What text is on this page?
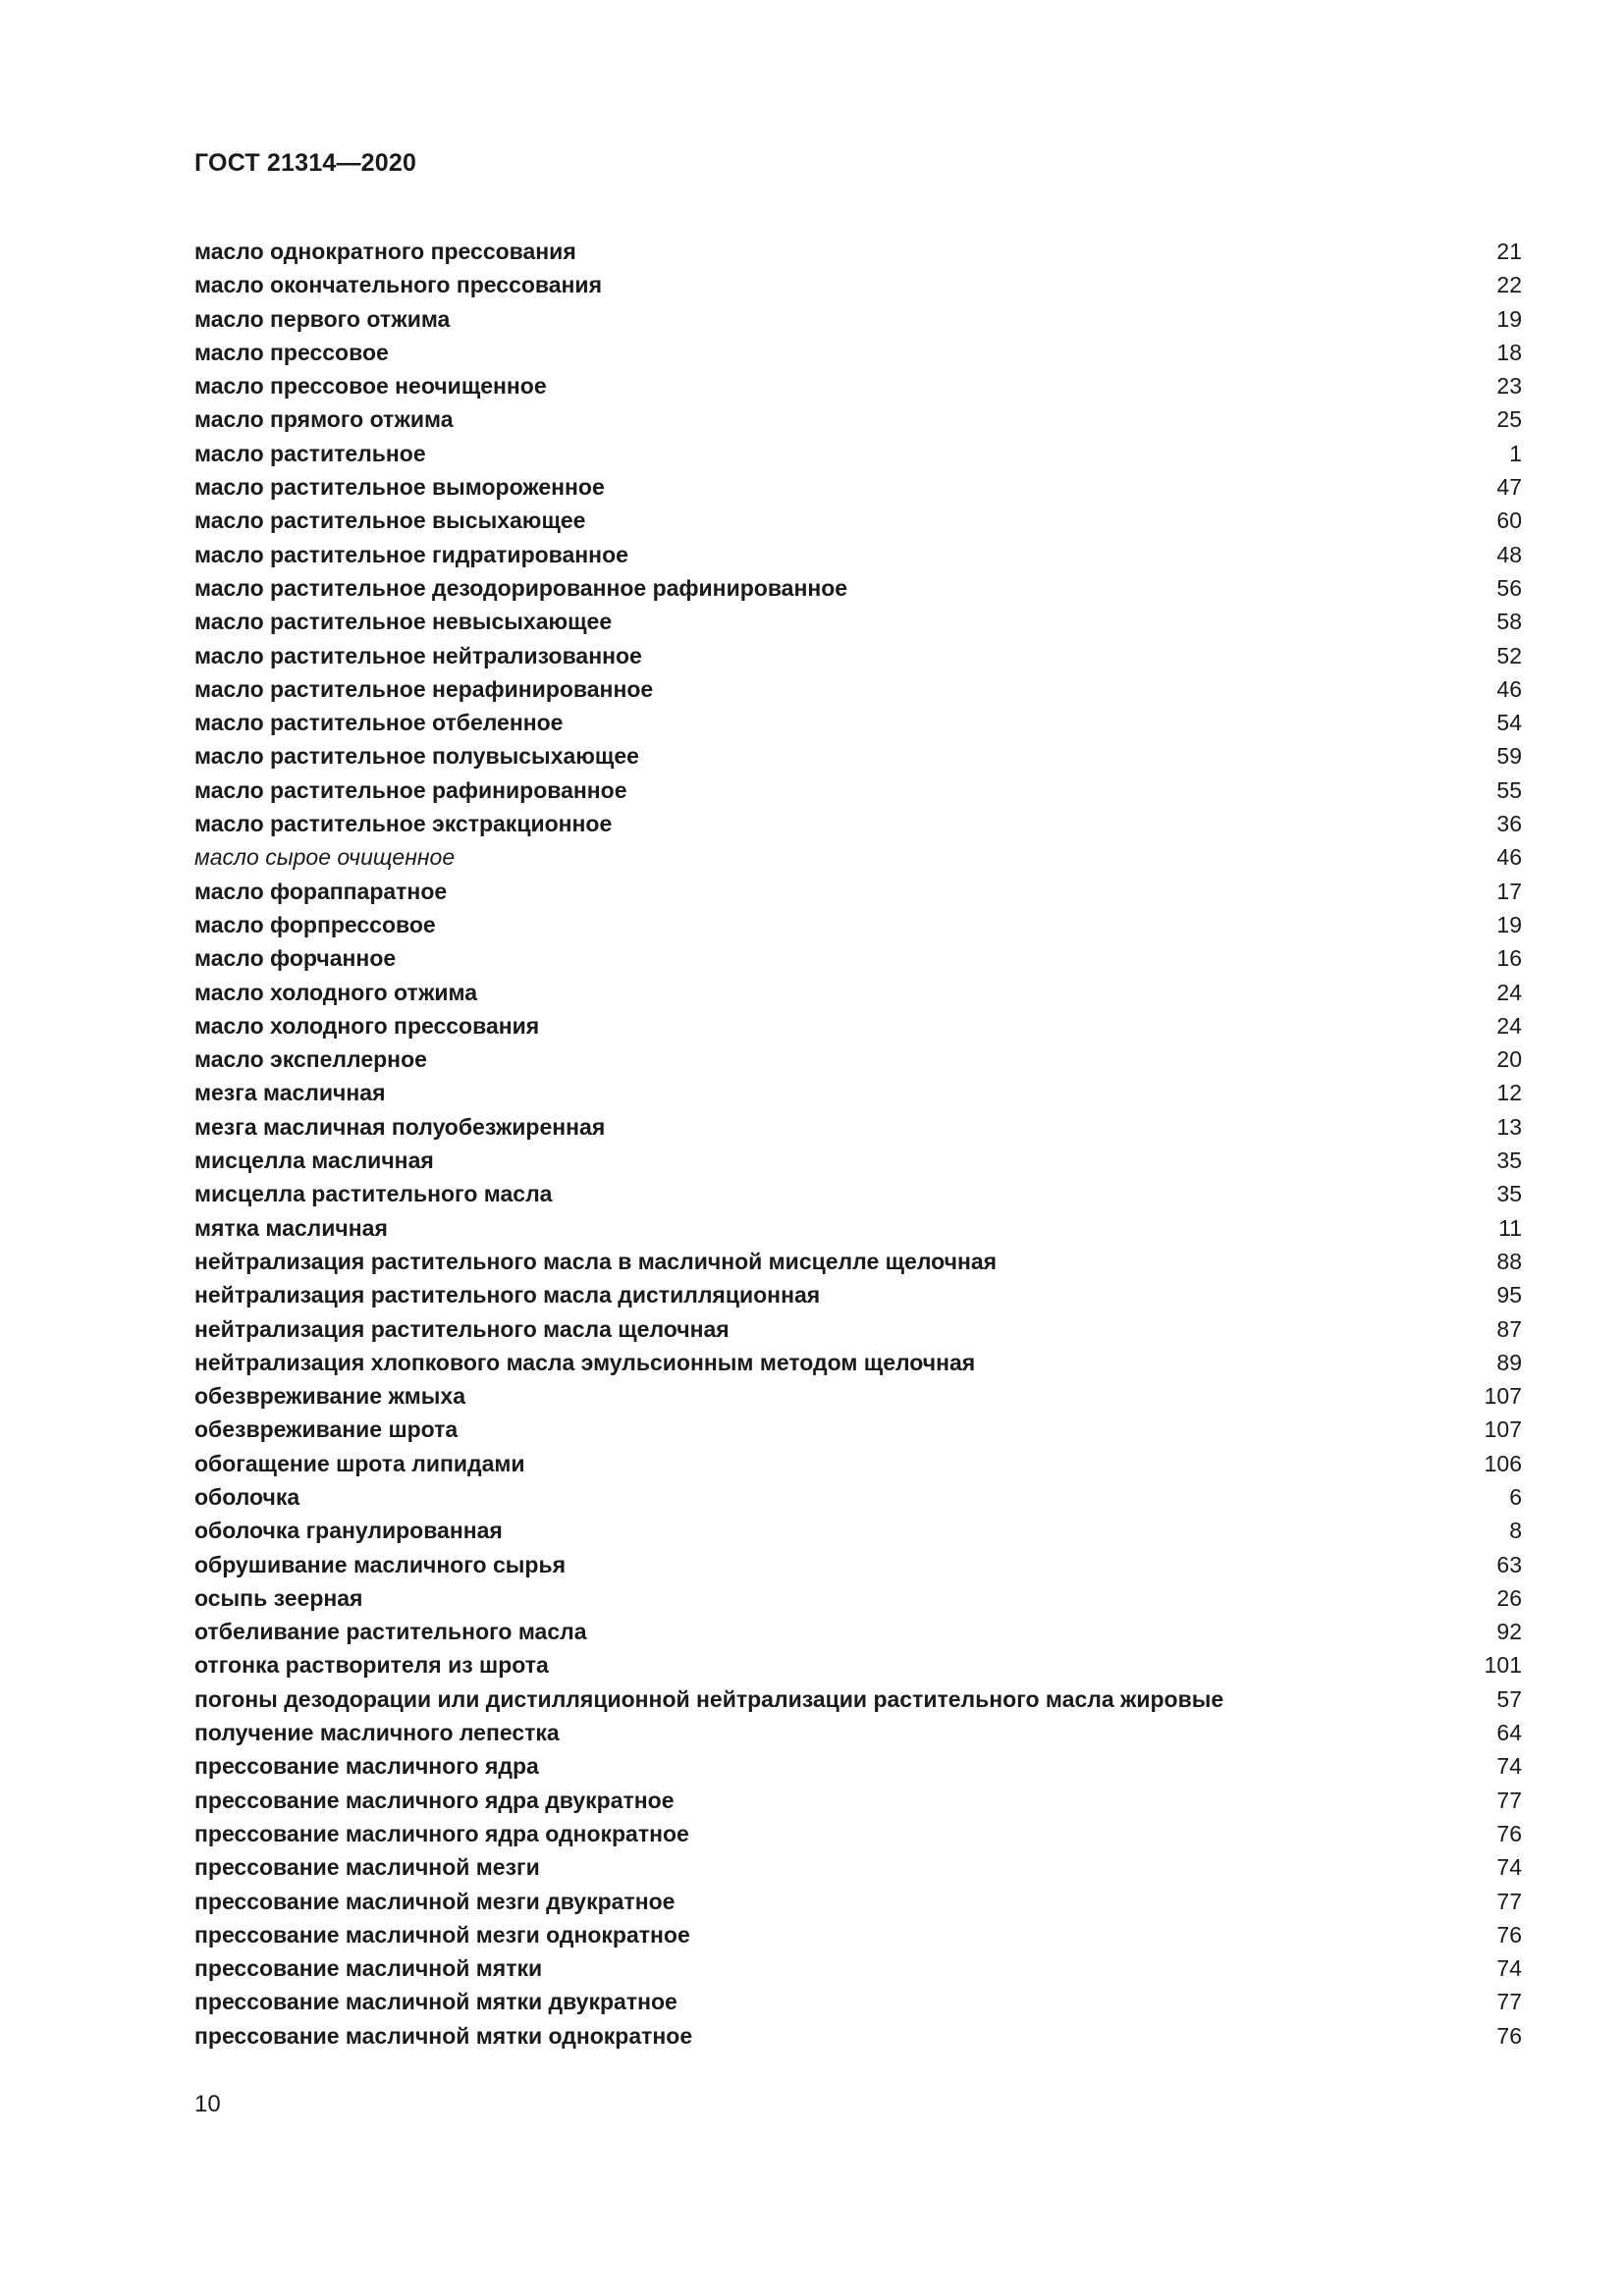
ГОСТ 21314—2020
масло однократного прессования	21
масло окончательного прессования	22
масло первого отжима	19
масло прессовое	18
масло прессовое неочищенное	23
масло прямого отжима	25
масло растительное	1
масло растительное вымороженное	47
масло растительное высыхающее	60
масло растительное гидратированное	48
масло растительное дезодорированное рафинированное	56
масло растительное невысыхающее	58
масло растительное нейтрализованное	52
масло растительное нерафинированное	46
масло растительное отбеленное	54
масло растительное полувысыхающее	59
масло растительное рафинированное	55
масло растительное экстракционное	36
масло сырое очищенное	46
масло фораппаратное	17
масло форпрессовое	19
масло форчанное	16
масло холодного отжима	24
масло холодного прессования	24
масло экспеллерное	20
мезга масличная	12
мезга масличная полуобезжиренная	13
мисцелла масличная	35
мисцелла растительного масла	35
мятка масличная	11
нейтрализация растительного масла в масличной мисцелле щелочная	88
нейтрализация растительного масла дистилляционная	95
нейтрализация растительного масла щелочная	87
нейтрализация хлопкового масла эмульсионным методом щелочная	89
обезвреживание жмыха	107
обезвреживание шрота	107
обогащение шрота липидами	106
оболочка	6
оболочка гранулированная	8
обрушивание масличного сырья	63
осыпь зеерная	26
отбеливание растительного масла	92
отгонка растворителя из шрота	101
погоны дезодорации или дистилляционной нейтрализации растительного масла жировые	57
получение масличного лепестка	64
прессование масличного ядра	74
прессование масличного ядра двукратное	77
прессование масличного ядра однократное	76
прессование масличной мезги	74
прессование масличной мезги двукратное	77
прессование масличной мезги однократное	76
прессование масличной мятки	74
прессование масличной мятки двукратное	77
прессование масличной мятки однократное	76
10
